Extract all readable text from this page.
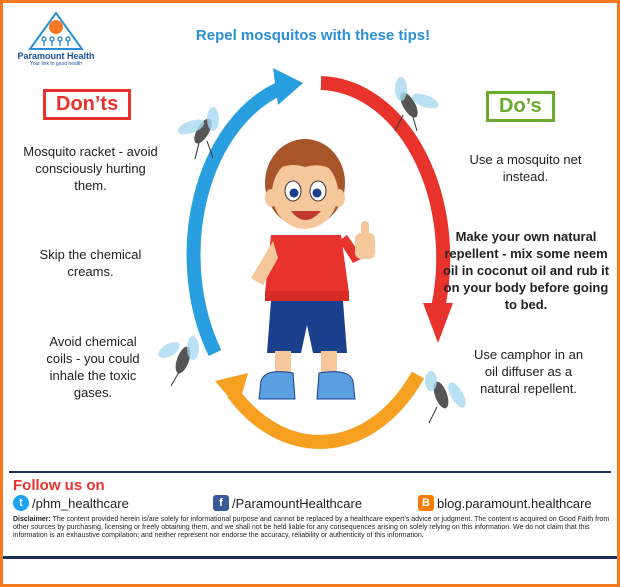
Paramount Health
Your link to good health
Repel mosquitos with these tips!
Don’ts	Do’s
Mosquito racket - avoid consciously hurting them.
Skip the chemical creams.
Avoid chemical coils - you could inhale the toxic gases.
Use a mosquito net instead.
Make your own natural repellent - mix some neem oil in coconut oil and rub it on your body before going to bed.
Use camphor in an oil diffuser as a natural repellent.
Follow us on
t /phm_healthcare	f /ParamountHealthcare	B blog.paramount.healthcare
Disclaimer: The content provided herein is/are solely for informational purpose and cannot be replaced by a healthcare expert’s advice or judgment. The content is acquired on Good Faith from other sources by purchasing, licensing or freely obtaining them, and we shall not be held liable for any consequences arising on solely relying on this information. We do not claim that this information is an exhaustive compilation; and neither represent nor endorse the accuracy, reliability or authenticity of this information.
